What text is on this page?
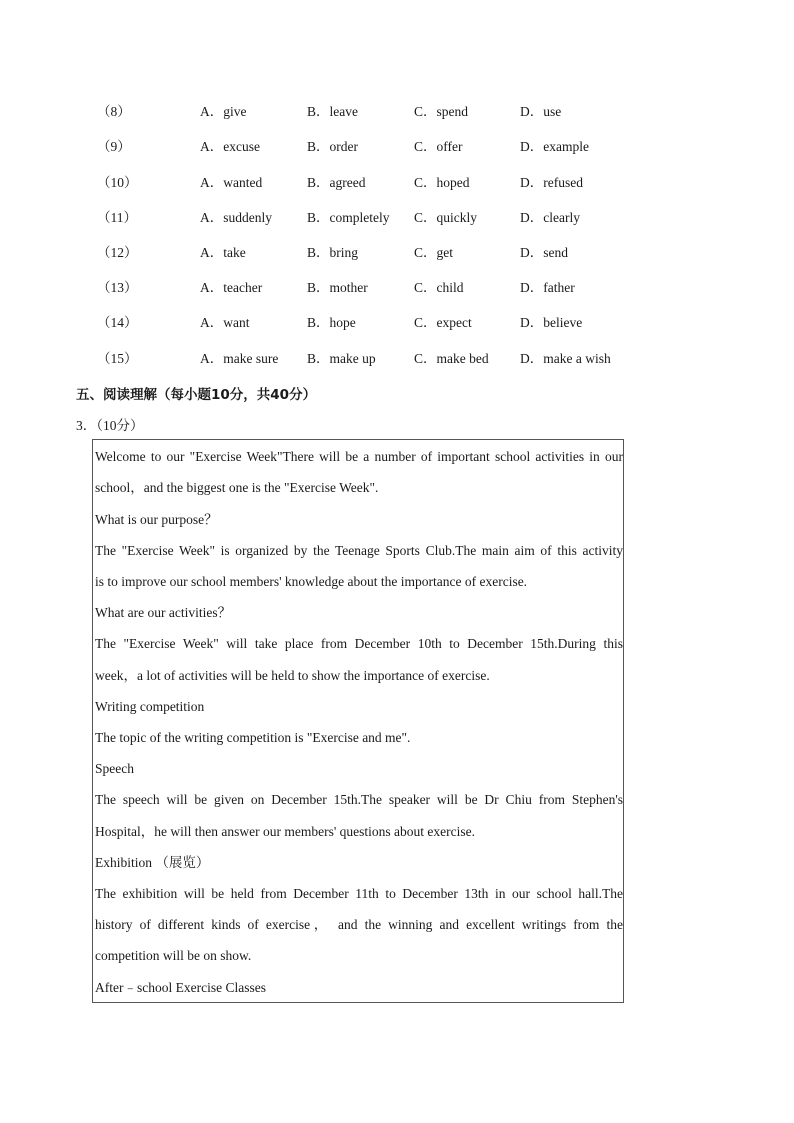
（8）	A．give	B．leave	C．spend	D．use
（9）	A．excuse	B．order	C．offer	D．example
（10）	A．wanted	B．agreed	C．hoped	D．refused
（11）	A．suddenly	B．completely C．quickly	D．clearly
（12）	A．take	B．bring	C．get	D．send
（13）	A．teacher	B．mother	C．child	D．father
（14）	A．want	B．hope	C．expect	D．believe
（15）	A．make sure B．make up	C．make bed D．make a wish
五、阅读理解（每小题10分，共40分）
3．（10分）
Welcome to our "Exercise Week"There will be a number of important school activities in our
school，and the biggest one is the "Exercise Week".
What is our purpose？
The "Exercise Week" is organized by the Teenage Sports Club.The main aim of this activity
is to improve our school members' knowledge about the importance of exercise.
What are our activities？
The "Exercise Week" will take place from December 10th to December 15th.During this
week，a lot of activities will be held to show the importance of exercise.
Writing competition
The topic of the writing competition is "Exercise and me".
Speech
The speech will be given on December 15th.The speaker will be Dr Chiu from Stephen's
Hospital，he will then answer our members' questions about exercise.
Exhibition （展览）
The exhibition will be held from December 11th to December 13th in our school hall.The
history of different kinds of exercise， and the winning and excellent writings from the
competition will be on show.
After﹣school Exercise Classes
